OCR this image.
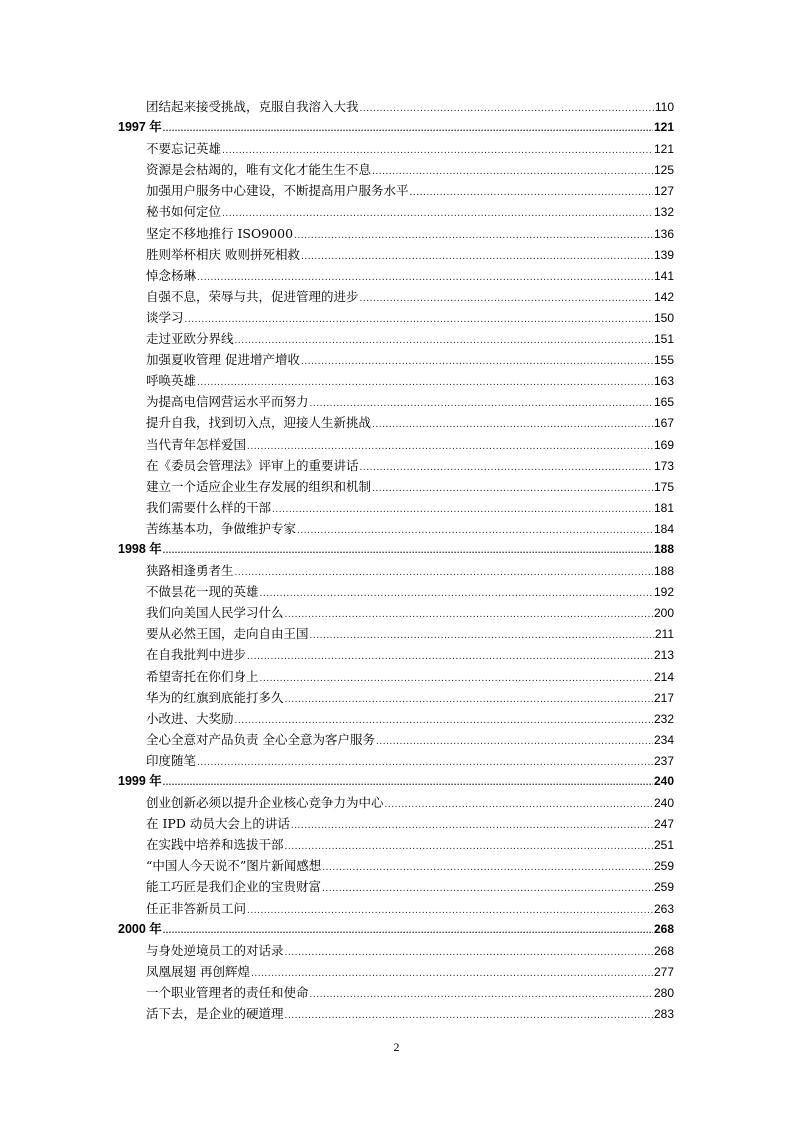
团结起来接受挑战，克服自我溶入大我 .....	110
1997 年 .....	121
不要忘记英雄 .....	121
资源是会枯竭的，唯有文化才能生生不息 .....	125
加强用户服务中心建设，不断提高用户服务水平 .....	127
秘书如何定位 .....	132
坚定不移地推行 ISO9000 .....	136
胜则举杯相庆 败则拼死相救 .....	139
悼念杨琳 .....	141
自强不息，荣辱与共，促进管理的进步 .....	142
谈学习 .....	150
走过亚欧分界线 .....	151
加强夏收管理 促进增产增收 .....	155
呼唤英雄 .....	163
为提高电信网营运水平而努力 .....	165
提升自我，找到切入点，迎接人生新挑战 .....	167
当代青年怎样爱国 .....	169
在《委员会管理法》评审上的重要讲话 .....	173
建立一个适应企业生存发展的组织和机制 .....	175
我们需要什么样的干部 .....	181
苦练基本功，争做维护专家 .....	184
1998 年 .....	188
狭路相逢勇者生 .....	188
不做昙花一现的英雄 .....	192
我们向美国人民学习什么 .....	200
要从必然王国，走向自由王国 .....	211
在自我批判中进步 .....	213
希望寄托在你们身上 .....	214
华为的红旗到底能打多久 .....	217
小改进、大奖励 .....	232
全心全意对产品负责 全心全意为客户服务 .....	234
印度随笔 .....	237
1999 年 .....	240
创业创新必须以提升企业核心竞争力为中心 .....	240
在 IPD 动员大会上的讲话 .....	247
在实践中培养和选拔干部 .....	251
“中国人今天说不”图片新闻感想 .....	259
能工巧匠是我们企业的宝贵财富 .....	259
任正非答新员工问 .....	263
2000 年 .....	268
与身处逆境员工的对话录 .....	268
凤凰展翅 再创辉煌 .....	277
一个职业管理者的责任和使命 .....	280
活下去，是企业的硬道理 .....	283
2
